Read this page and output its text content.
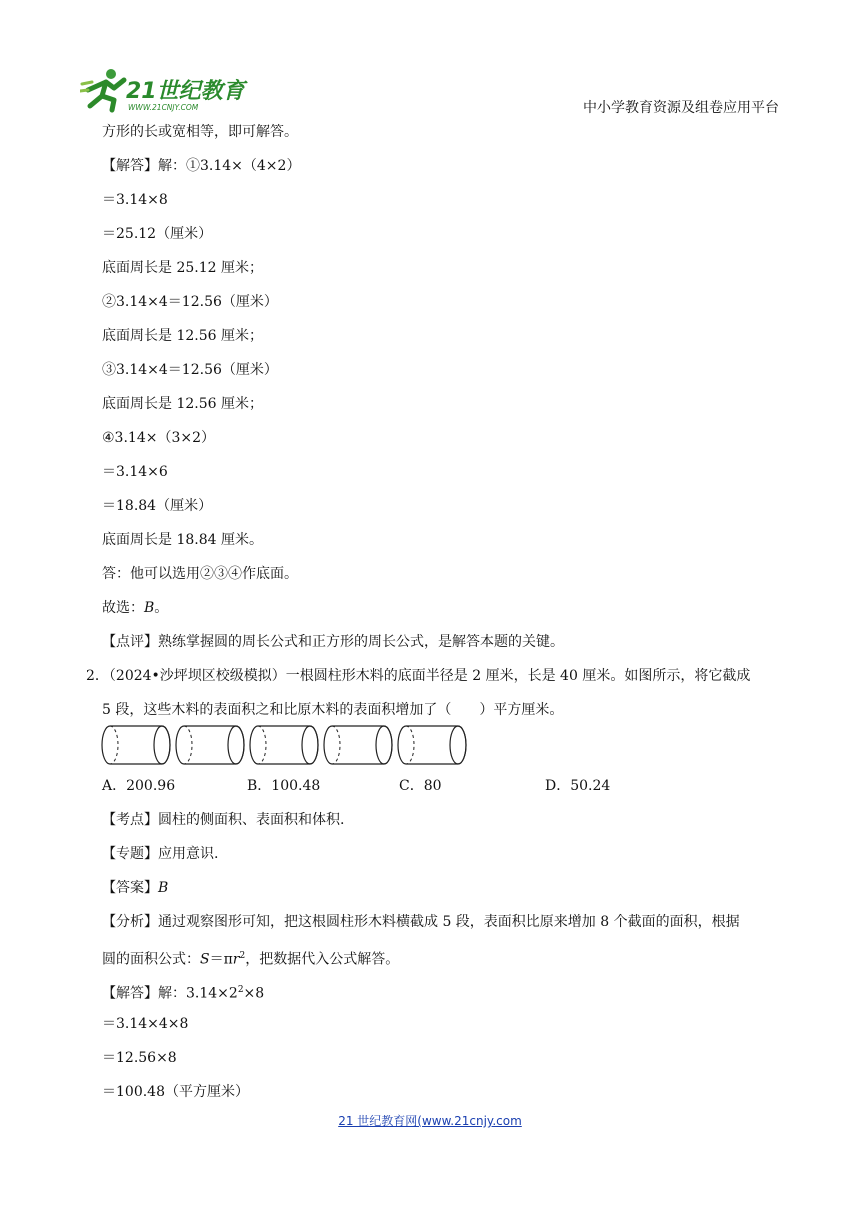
21世纪教育
WWW.21CNJY.COM	中小学教育资源及组卷应用平台
方形的长或宽相等，即可解答。
【解答】解：①3.14×（4×2）
＝3.14×8
＝25.12（厘米）
底面周长是 25.12 厘米；
②3.14×4＝12.56（厘米）
底面周长是 12.56 厘米；
③3.14×4＝12.56（厘米）
底面周长是 12.56 厘米；
④3.14×（3×2）
＝3.14×6
＝18.84（厘米）
底面周长是 18.84 厘米。
答：他可以选用②③④作底面。
故选：B。
【点评】熟练掌握圆的周长公式和正方形的周长公式，是解答本题的关键。
2．（2024•沙坪坝区校级模拟）一根圆柱形木料的底面半径是 2 厘米，长是 40 厘米。如图所示，将它截成
5 段，这些木料的表面积之和比原木料的表面积增加了（　　）平方厘米。
A．200.96	B．100.48	C．80	D．50.24
【考点】圆柱的侧面积、表面积和体积.
【专题】应用意识.
【答案】B
【分析】通过观察图形可知，把这根圆柱形木料横截成 5 段，表面积比原来增加 8 个截面的面积，根据
圆的面积公式：$S=\pi r^2$，把数据代入公式解答。
【解答】解：$3.14\times 2^2\times 8$
＝3.14×4×8
＝12.56×8
＝100.48（平方厘米）
21 世纪教育网(www.21cnjy.com
